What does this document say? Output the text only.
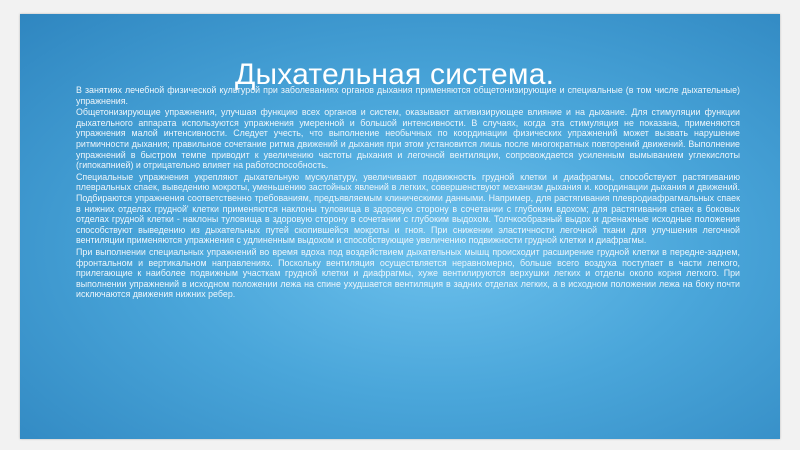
Дыхательная система.

В занятиях лечебной физической культурой при заболеваниях органов дыхания применяются общетонизирующие и специальные (в том числе дыхательные) упражнения.

Общетонизирующие упражнения, улучшая функцию всех органов и систем, оказывают активизирующее влияние и на дыхание. Для стимуляции функции дыхательного аппарата используются упражнения умеренной и большой интенсивности. В случаях, когда эта стимуляция не показана, применяются упражнения малой интенсивности. Следует учесть, что выполнение необычных по координации физических упражнений может вызвать нарушение ритмичности дыхания; правильное сочетание ритма движений и дыхания при этом установится лишь после многократных повторений движений. Выполнение упражнений в быстром темпе приводит к увеличению частоты дыхания и легочной вентиляции, сопровождается усиленным вымыванием углекислоты (гипокапнией) и отрицательно влияет на работоспособность.

Специальные упражнения укрепляют дыхательную мускулатуру, увеличивают подвижность грудной клетки и диафрагмы, способствуют растягиванию плевральных спаек, выведению мокроты, уменьшению застойных явлений в легких, совершенствуют механизм дыхания и. координации дыхания и движений. Подбираются упражнения соответственно требованиям, предъявляемым клиническими данными. Например, для растягивания плевродиафрагмальных спаек в нижних отделах грудной' клетки применяются наклоны туловища в здоровую сторону в сочетании с глубоким вдохом; для растягивания спаек в боковых отделах грудной клетки - наклоны туловища в здоровую сторону в сочетании с глубоким выдохом. Толчкообразный выдох и дренажные исходные положения способствуют выведению из дыхательных путей скопившейся мокроты и гноя. При снижении эластичности легочной ткани для улучшения легочной вентиляции применяются упражнения с удлиненным выдохом и способствующие увеличению подвижности грудной клетки и диафрагмы.

При выполнении специальных упражнений во время вдоха под воздействием дыхательных мышц происходит расширение грудной клетки в передне-заднем, фронтальном и вертикальном направлениях. Поскольку вентиляция осуществляется неравномерно, больше всего воздуха поступает в части легкого, прилегающие к наиболее подвижным участкам грудной клетки и диафрагмы, хуже вентилируются верхушки легких и отделы около корня легкого. При выполнении упражнений в исходном положении лежа на спине ухудшается вентиляция в задних отделах легких, а в исходном положении лежа на боку почти исключаются движения нижних ребер.
